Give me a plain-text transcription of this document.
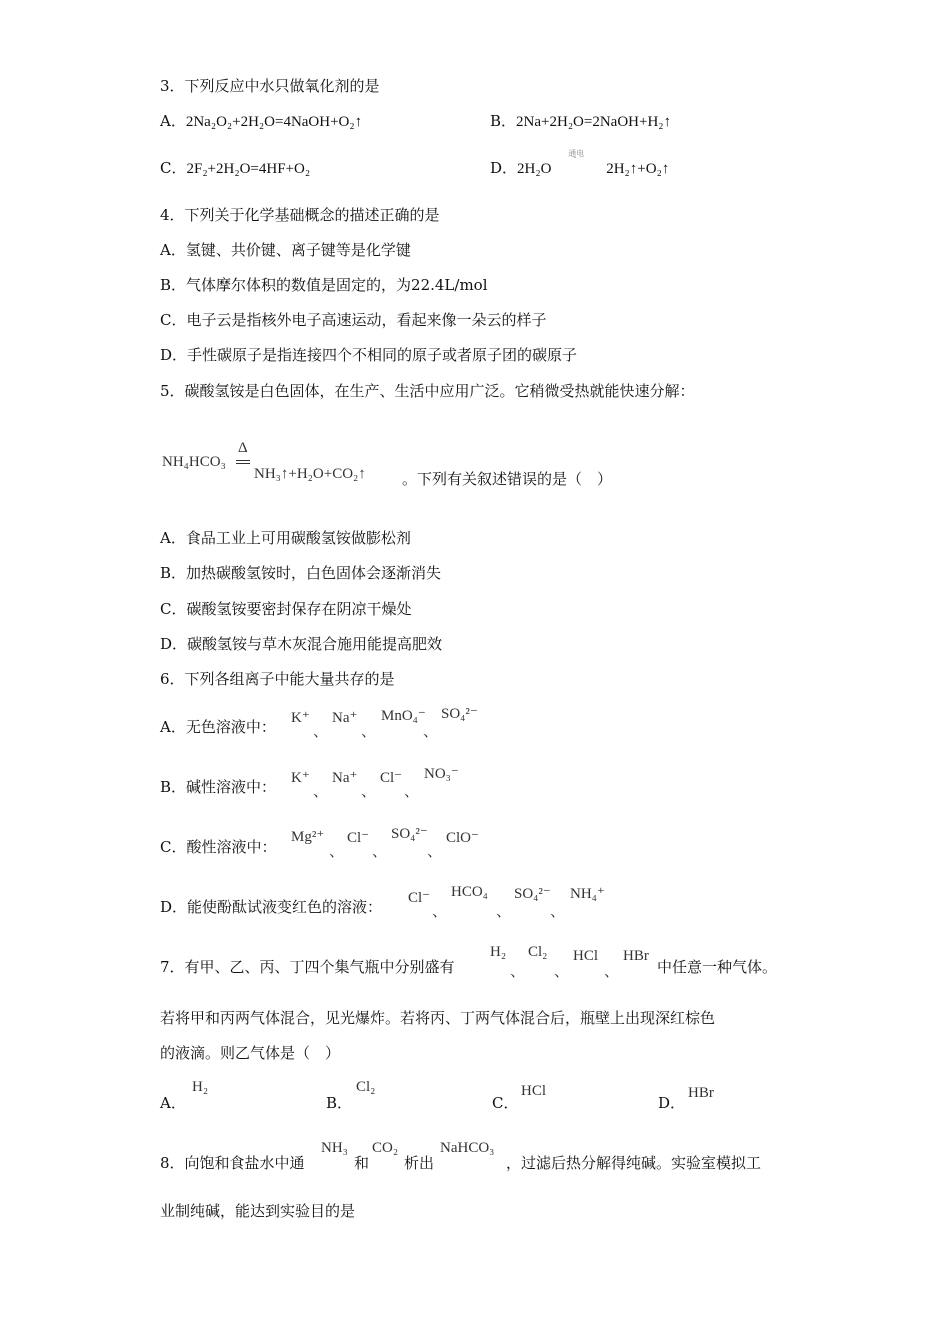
3．下列反应中水只做氧化剂的是
A．2Na₂O₂+2H₂O=4NaOH+O₂↑	B．2Na+2H₂O=2NaOH+H₂↑
C．2F₂+2H₂O=4HF+O₂	D．2H₂O
通电
2H₂↑+O₂↑
4．下列关于化学基础概念的描述正确的是
A．氢键、共价键、离子键等是化学键
B．气体摩尔体积的数值是固定的，为22.4L/mol
C．电子云是指核外电子高速运动，看起来像一朵云的样子
D．手性碳原子是指连接四个不相同的原子或者原子团的碳原子
5．碳酸氢铵是白色固体，在生产、生活中应用广泛。它稍微受热就能快速分解：
NH₄HCO₃
Δ
NH₃↑+H₂O+CO₂↑ 。下列有关叙述错误的是（　）
A．食品工业上可用碳酸氢铵做膨松剂
B．加热碳酸氢铵时，白色固体会逐渐消失
C．碳酸氢铵要密封保存在阴凉干燥处
D．碳酸氢铵与草木灰混合施用能提高肥效
6．下列各组离子中能大量共存的是
A．无色溶液中： K⁺
、
Na⁺
、
MnO₄⁻
、
SO₄²⁻
B．碱性溶液中： K⁺
、
Na⁺
、
Cl⁻
、
NO₃⁻
C．酸性溶液中：
Mg²⁺
、
Cl⁻
、
SO₄²⁻
、
ClO⁻
D．能使酚酞试液变红色的溶液： Cl⁻
、
HCO₄
、
SO₄²⁻
、
NH₄⁺
7．有甲、乙、丙、丁四个集气瓶中分别盛有
H₂
、
Cl₂
、
HCl
、
HBr
中任意一种气体。
若将甲和丙两气体混合，见光爆炸。若将丙、丁两气体混合后，瓶壁上出现深红棕色
的液滴。则乙气体是（　）
A．
H₂
B．
Cl₂
C．
HCl
D．
HBr
8．向饱和食盐水中通
NH₃
和
CO₂
析出
NaHCO₃
，过滤后热分解得纯碱。实验室模拟工
业制纯碱，能达到实验目的是
